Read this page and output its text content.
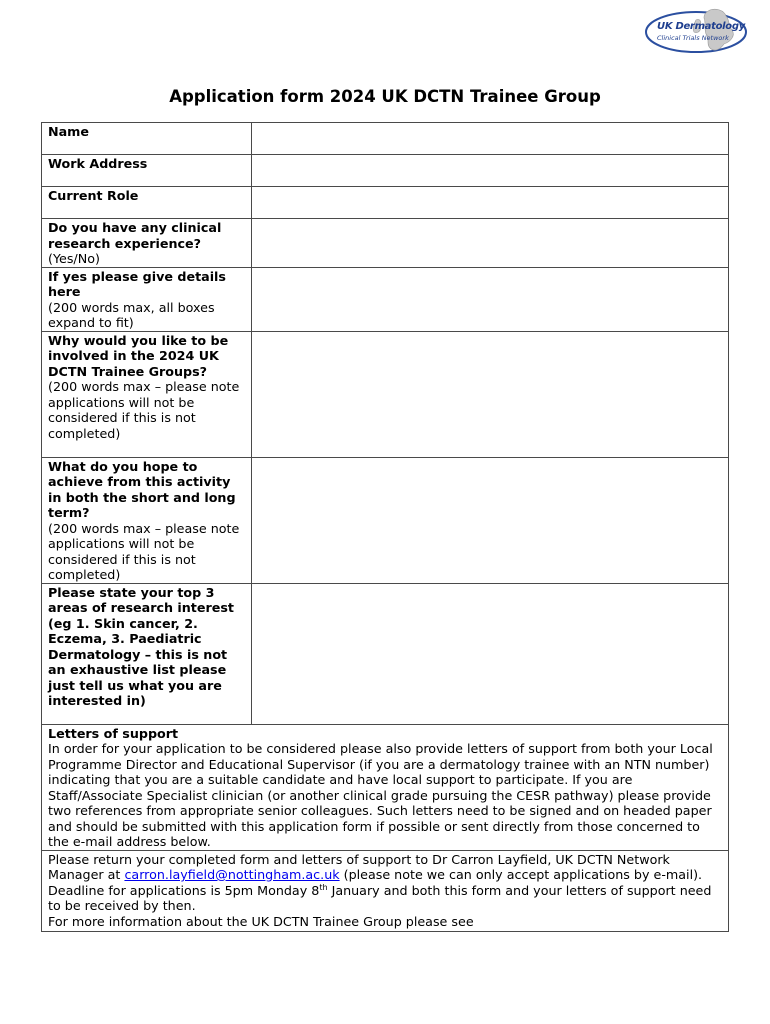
UK Dermatology
Clinical Trials Network
Application form 2024 UK DCTN Trainee Group
Name	
Work Address	
Current Role	
Do you have any clinical research experience?
(Yes/No)	
If yes please give details here
(200 words max, all boxes expand to fit)	
Why would you like to be involved in the 2024 UK DCTN Trainee Groups?
(200 words max – please note applications will not be considered if this is not completed)	
What do you hope to achieve from this activity in both the short and long term?
(200 words max – please note applications will not be considered if this is not completed)	
Please state your top 3 areas of research interest (eg 1. Skin cancer, 2. Eczema, 3. Paediatric Dermatology – this is not an exhaustive list please just tell us what you are interested in)	
Letters of support
In order for your application to be considered please also provide letters of support from both your Local Programme Director and Educational Supervisor (if you are a dermatology trainee with an NTN number) indicating that you are a suitable candidate and have local support to participate. If you are Staff/Associate Specialist clinician (or another clinical grade pursuing the CESR pathway) please provide two references from appropriate senior colleagues. Such letters need to be signed and on headed paper and should be submitted with this application form if possible or sent directly from those concerned to the e-mail address below.	
Please return your completed form and letters of support to Dr Carron Layfield, UK DCTN Network Manager at carron.layfield@nottingham.ac.uk (please note we can only accept applications by e-mail). Deadline for applications is 5pm Monday 8th January and both this form and your letters of support need to be received by then.
For more information about the UK DCTN Trainee Group please see	
